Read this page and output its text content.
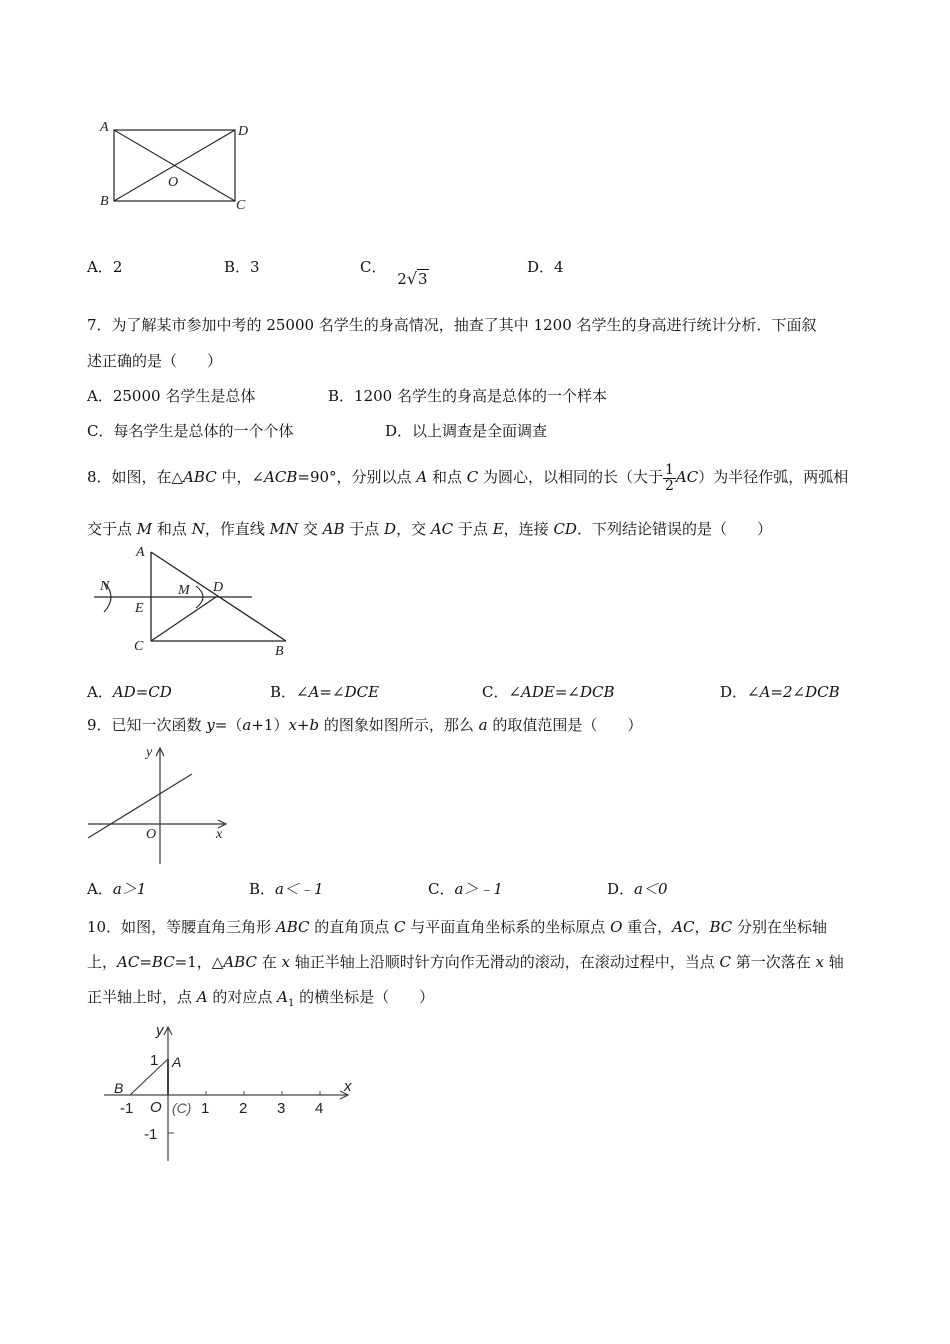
A	D
B	C
O
A．2	B．3	C． 2√3
D．4
7．为了解某市参加中考的 25000 名学生的身高情况，抽查了其中 1200 名学生的身高进行统计分析．下面叙
述正确的是（　　）
A．25000 名学生是总体	B．1200 名学生的身高是总体的一个样本
C．每名学生是总体的一个个体	D．以上调查是全面调查
8．如图，在△ABC 中，∠ACB=90°，分别以点 A 和点 C 为圆心，以相同的长（大于 $\frac{1}{2} AC$）为半径作弧，两弧相
交于点 M 和点 N，作直线 MN 交 AB 于点 D，交 AC 于点 E，连接 CD．下列结论错误的是（　　）
A
N	M D
E
C	B
A．AD=CD	B．∠A=∠DCE	C．∠ADE=∠DCB	D．∠A=2∠DCB
9．已知一次函数 y=（a+1）x+b 的图象如图所示，那么 a 的取值范围是（　　）
y
x
O
A．a＞1	B．a＜﹣1	C．a＞﹣1	D．a＜0
10．如图，等腰直角三角形 ABC 的直角顶点 C 与平面直角坐标系的坐标原点 O 重合，AC，BC 分别在坐标轴
上，AC=BC=1，△ABC 在 x 轴正半轴上沿顺时针方向作无滑动的滚动，在滚动过程中，当点 C 第一次落在 x 轴
正半轴上时，点 A 的对应点 $A_1$ 的横坐标是（　　）
x
y
1 A
B
-1 O (C) 1 2 3 4
-1
